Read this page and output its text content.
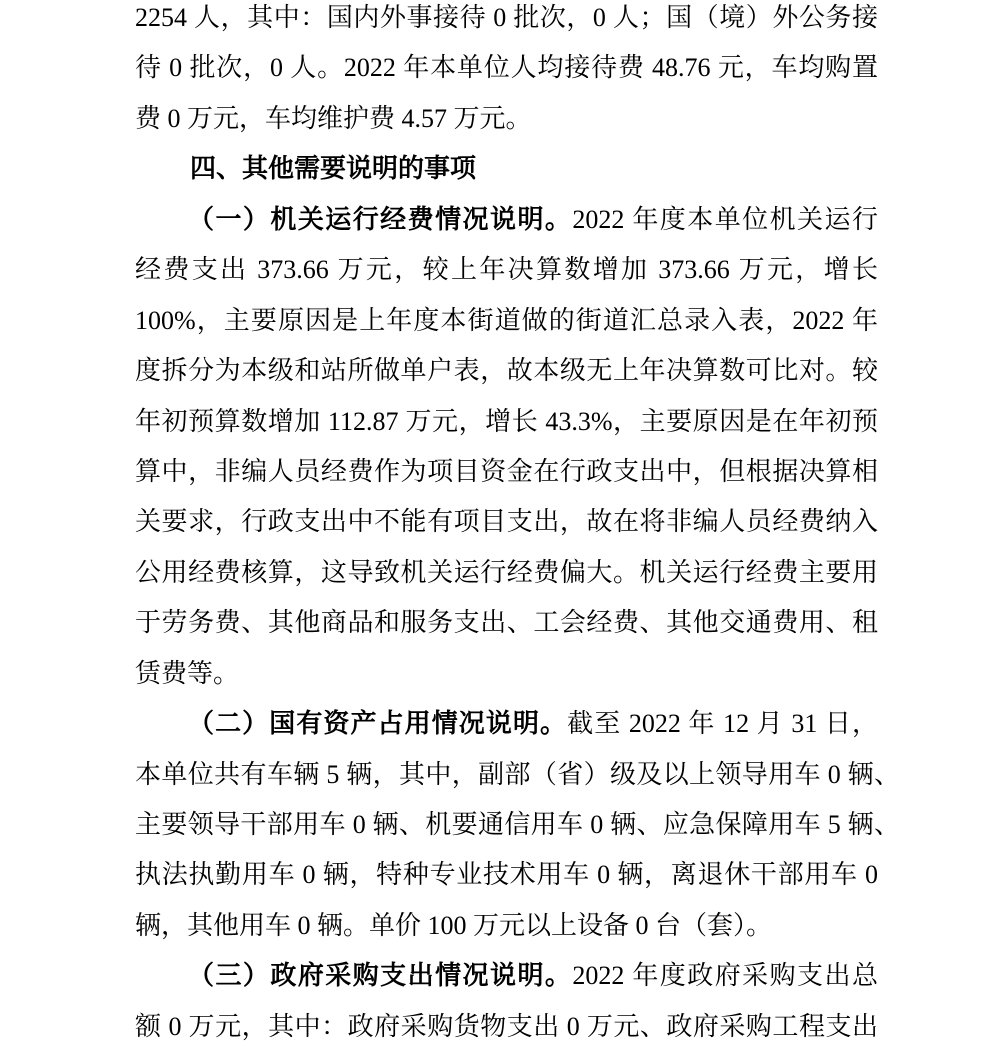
2254 人，其中：国内外事接待 0 批次，0 人；国（境）外公务接
待 0 批次，0 人。2022 年本单位人均接待费 48.76 元，车均购置
费 0 万元，车均维护费 4.57 万元。
四、其他需要说明的事项
（一）机关运行经费情况说明。2022 年度本单位机关运行
经费支出 373.66 万元，较上年决算数增加 373.66 万元，增长
100%，主要原因是上年度本街道做的街道汇总录入表，2022 年
度拆分为本级和站所做单户表，故本级无上年决算数可比对。较
年初预算数增加 112.87 万元，增长 43.3%，主要原因是在年初预
算中，非编人员经费作为项目资金在行政支出中，但根据决算相
关要求，行政支出中不能有项目支出，故在将非编人员经费纳入
公用经费核算，这导致机关运行经费偏大。机关运行经费主要用
于劳务费、其他商品和服务支出、工会经费、其他交通费用、租
赁费等。
（二）国有资产占用情况说明。截至 2022 年 12 月 31 日，
本单位共有车辆 5 辆，其中，副部（省）级及以上领导用车 0 辆、
主要领导干部用车 0 辆、机要通信用车 0 辆、应急保障用车 5 辆、
执法执勤用车 0 辆，特种专业技术用车 0 辆，离退休干部用车 0
辆，其他用车 0 辆。单价 100 万元以上设备 0 台（套）。
（三）政府采购支出情况说明。2022 年度政府采购支出总
额 0 万元，其中：政府采购货物支出 0 万元、政府采购工程支出
